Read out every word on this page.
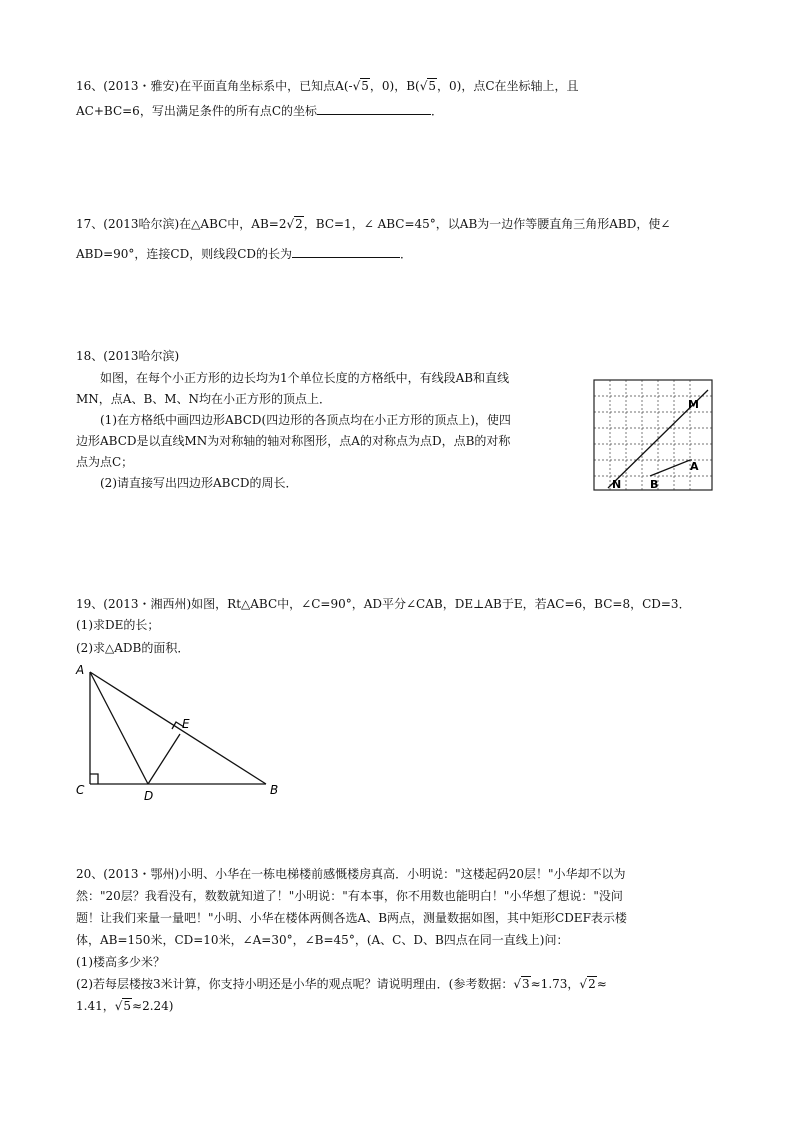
16、(2013・雅安)在平面直角坐标系中，已知点A(-√5，0)，B(√5，0)，点C在坐标轴上，且
AC+BC=6，写出满足条件的所有点C的坐标	．
17、(2013哈尔滨)在△ABC中，AB=2√2，BC=1，∠ ABC=45°，以AB为一边作等腰直角三角形ABD，使∠
ABD=90°，连接CD，则线段CD的长为	．
18、(2013哈尔滨)
如图，在每个小正方形的边长均为1个单位长度的方格纸中，有线段AB和直线
MN，点A、B、M、N均在小正方形的顶点上．
(1)在方格纸中画四边形ABCD(四边形的各顶点均在小正方形的顶点上)，使四
边形ABCD是以直线MN为对称轴的轴对称图形，点A的对称点为点D，点B的对称
点为点C；
(2)请直接写出四边形ABCD的周长．
M
N
A
B
19、(2013・湘西州)如图，Rt△ABC中，∠C=90°，AD平分∠CAB，DE⊥AB于E，若AC=6，BC=8，CD=3．
(1)求DE的长；
(2)求△ADB的面积．
A
C	D
E
B
20、(2013・鄂州)小明、小华在一栋电梯楼前感慨楼房真高．小明说："这楼起码20层！"小华却不以为
然："20层？我看没有，数数就知道了！"小明说："有本事，你不用数也能明白！"小华想了想说："没问
题！让我们来量一量吧！"小明、小华在楼体两侧各选A、B两点，测量数据如图，其中矩形CDEF表示楼
体，AB=150米，CD=10米，∠A=30°，∠B=45°，(A、C、D、B四点在同一直线上)问：
(1)楼高多少米？
(2)若每层楼按3米计算，你支持小明还是小华的观点呢？请说明理由．(参考数据：√3≈1.73，√2≈
1.41，√5≈2.24)
